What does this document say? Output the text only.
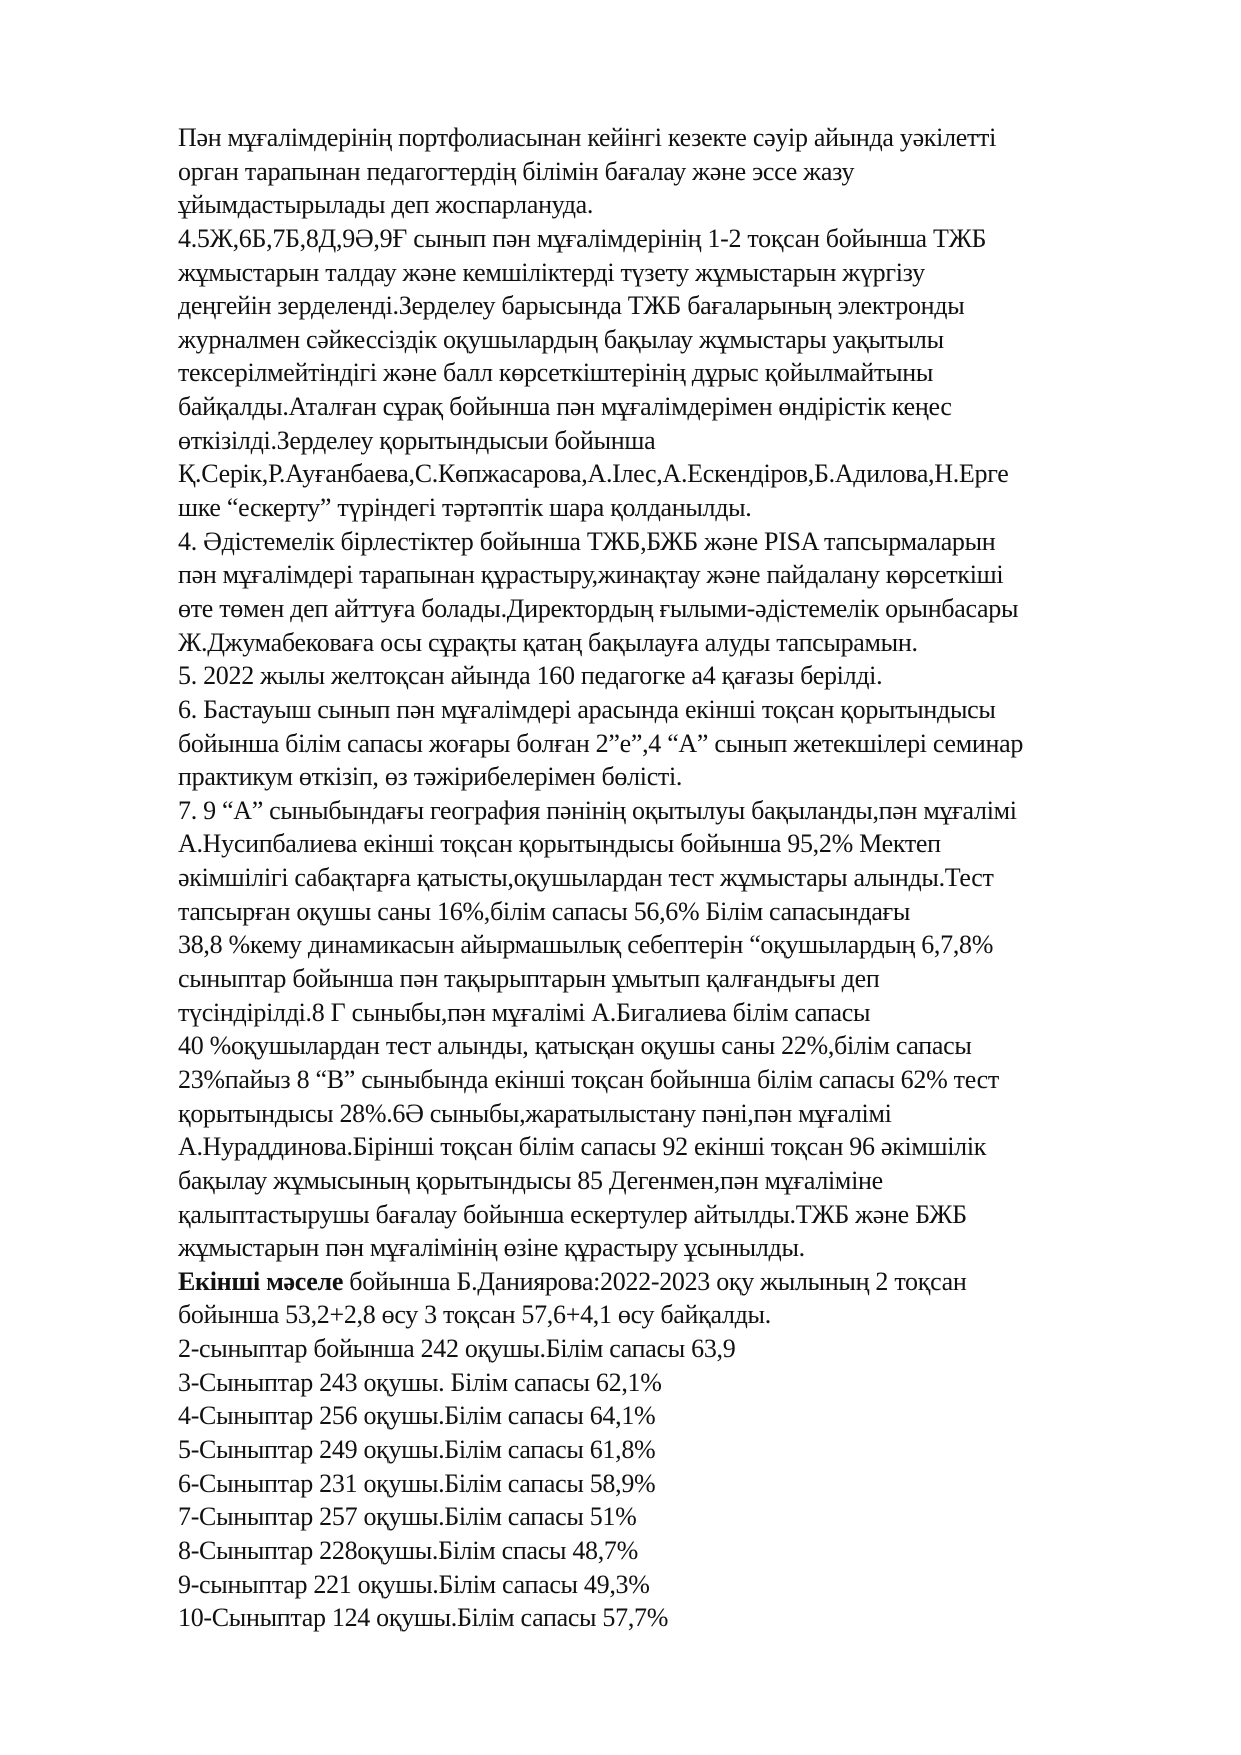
Пән мұғалімдерінің портфолиасынан кейінгі кезекте сәуір айында уәкілетті
орган тарапынан педагогтердің білімін бағалау және эссе жазу
ұйымдастырылады деп жоспарлануда.
4.5Ж,6Б,7Б,8Д,9Ә,9Ғ сынып пән мұғалімдерінің 1-2 тоқсан бойынша ТЖБ
жұмыстарын талдау және кемшіліктерді түзету жұмыстарын жүргізу
деңгейін зерделенді.Зерделеу барысында ТЖБ бағаларының электронды
журналмен сәйкессіздік оқушылардың бақылау жұмыстары уақытылы
тексерілмейтіндігі және балл көрсеткіштерінің дұрыс қойылмайтыны
байқалды.Аталған сұрақ бойынша пән мұғалімдерімен өндірістік кеңес
өткізілді.Зерделеу қорытындысыи бойынша
Қ.Серік,Р.Ауғанбаева,С.Көпжасарова,А.Ілес,А.Ескендіров,Б.Адилова,Н.Ерге
шке “ескерту” түріндегі тәртәптік шара қолданылды.
4. Әдістемелік бірлестіктер бойынша ТЖБ,БЖБ және PISA тапсырмаларын
пән мұғалімдері тарапынан құрастыру,жинақтау және пайдалану көрсеткіші
өте төмен деп айттуға болады.Директордың ғылыми-әдістемелік орынбасары
Ж.Джумабековаға осы сұрақты қатаң бақылауға алуды тапсырамын.
5. 2022 жылы желтоқсан айында 160 педагогке а4 қағазы берілді.
6. Бастауыш сынып пән мұғалімдері арасында екінші тоқсан қорытындысы
бойынша білім сапасы жоғары болған 2”е”,4 “А” сынып жетекшілері семинар
практикум өткізіп, өз тәжірибелерімен бөлісті.
7. 9 “А” сыныбындағы география пәнінің оқытылуы бақыланды,пән мұғалімі
А.Нусипбалиева екінші тоқсан қорытындысы бойынша 95,2% Мектеп
әкімшілігі сабақтарға қатысты,оқушылардан тест жұмыстары алынды.Тест
тапсырған оқушы саны 16%,білім сапасы 56,6% Білім сапасындағы
38,8 %кему динамикасын айырмашылық себептерін “оқушылардың 6,7,8%
сыныптар бойынша пән тақырыптарын ұмытып қалғандығы деп
түсіндірілді.8 Г сыныбы,пән мұғалімі А.Бигалиева білім сапасы
40 %оқушылардан тест алынды, қатысқан оқушы саны 22%,білім сапасы
23%пайыз 8 “В” сыныбында екінші тоқсан бойынша білім сапасы 62% тест
қорытындысы 28%.6Ә сыныбы,жаратылыстану пәні,пән мұғалімі
А.Нураддинова.Бірінші тоқсан білім сапасы 92 екінші тоқсан 96 әкімшілік
бақылау жұмысының қорытындысы 85 Дегенмен,пән мұғаліміне
қалыптастырушы бағалау бойынша ескертулер айтылды.ТЖБ және БЖБ
жұмыстарын пән мұғалімінің өзіне құрастыру ұсынылды.
Екінші мәселе бойынша Б.Даниярова:2022-2023 оқу жылының 2 тоқсан
бойынша 53,2+2,8 өсу 3 тоқсан 57,6+4,1 өсу байқалды.
2-сыныптар бойынша 242 оқушы.Білім сапасы 63,9
3-Сыныптар 243 оқушы. Білім сапасы 62,1%
4-Сыныптар 256 оқушы.Білім сапасы 64,1%
5-Сыныптар 249 оқушы.Білім сапасы 61,8%
6-Сыныптар 231 оқушы.Білім сапасы 58,9%
7-Сыныптар 257 оқушы.Білім сапасы 51%
8-Сыныптар 228оқушы.Білім спасы 48,7%
9-сыныптар 221 оқушы.Білім сапасы 49,3%
10-Сыныптар 124 оқушы.Білім сапасы 57,7%
